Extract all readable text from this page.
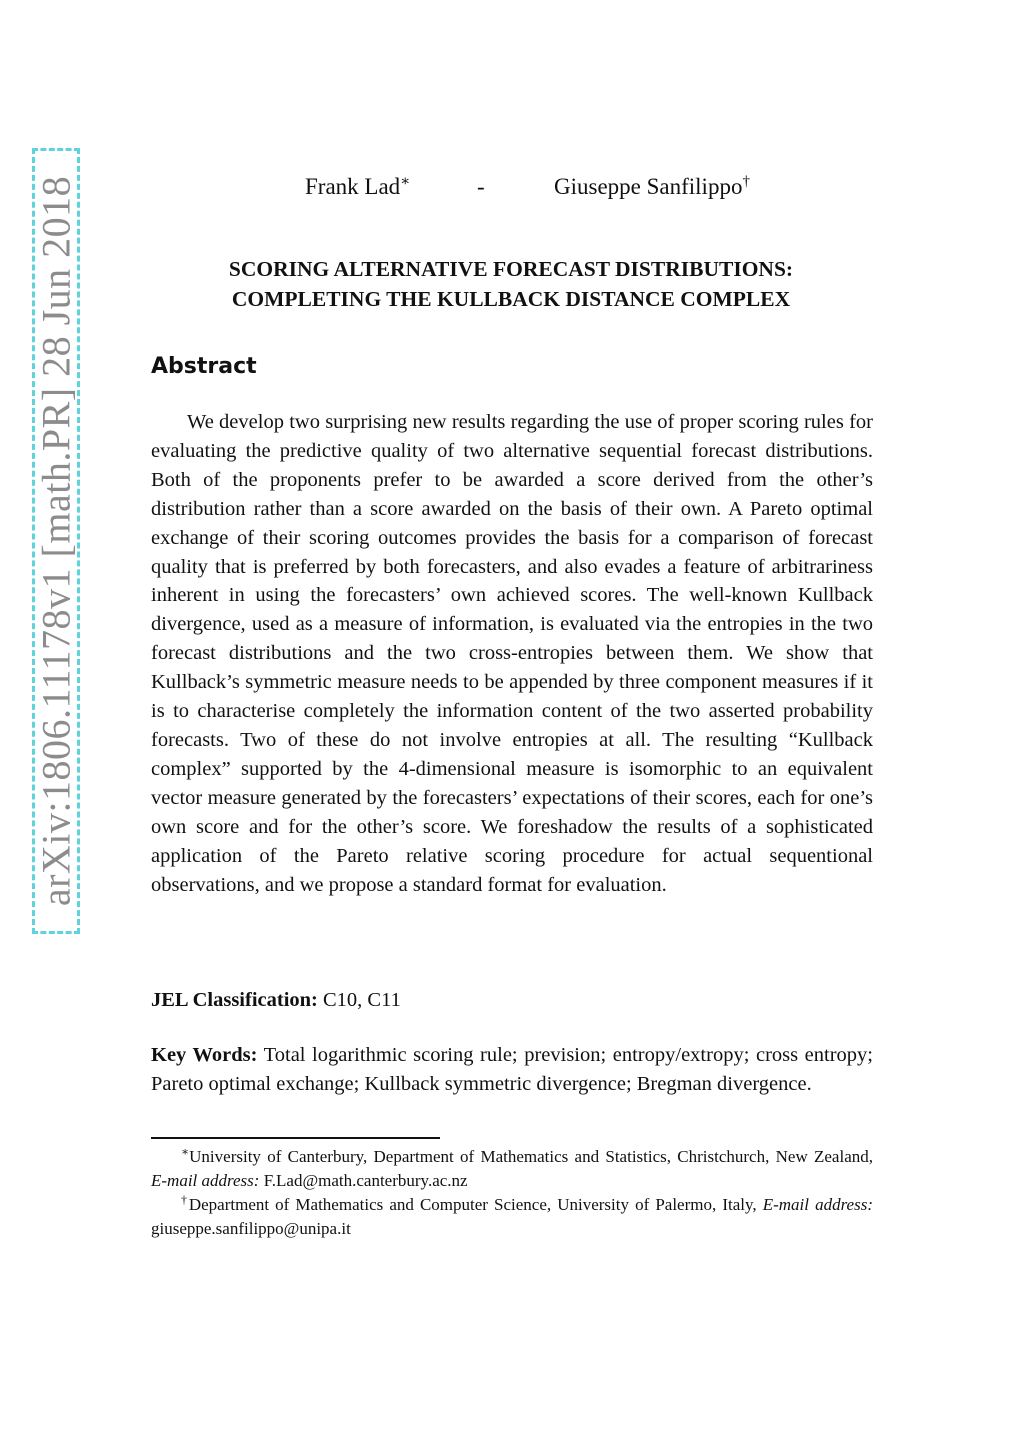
arXiv:1806.11178v1 [math.PR] 28 Jun 2018	Frank Lad∗	-	Giuseppe Sanfilippo†
SCORING ALTERNATIVE FORECAST DISTRIBUTIONS:
COMPLETING THE KULLBACK DISTANCE COMPLEX
Abstract

We develop two surprising new results regarding the use of proper scoring rules for evaluating the predictive quality of two alternative sequential forecast distributions. Both of the proponents prefer to be awarded a score derived from the other’s distribution rather than a score awarded on the basis of their own. A Pareto optimal exchange of their scoring outcomes provides the basis for a comparison of forecast quality that is preferred by both forecasters, and also evades a feature of arbitrariness inherent in using the forecasters’ own achieved scores. The well-known Kullback divergence, used as a measure of information, is evaluated via the entropies in the two forecast distributions and the two cross-entropies between them. We show that Kullback’s symmetric measure needs to be appended by three component measures if it is to characterise completely the information content of the two asserted probability forecasts. Two of these do not involve entropies at all. The resulting “Kullback complex” supported by the 4-dimensional measure is isomorphic to an equivalent vector measure generated by the forecasters’ expectations of their scores, each for one’s own score and for the other’s score. We foreshadow the results of a sophisticated application of the Pareto relative scoring procedure for actual sequentional observations, and we propose a standard format for evaluation.

JEL Classification: C10, C11

Key Words: Total logarithmic scoring rule; prevision; entropy/extropy; cross entropy; Pareto optimal exchange; Kullback symmetric divergence; Bregman divergence.

∗University of Canterbury, Department of Mathematics and Statistics, Christchurch, New Zealand, E-mail address: F.Lad@math.canterbury.ac.nz

†Department of Mathematics and Computer Science, University of Palermo, Italy, E-mail address: giuseppe.sanfilippo@unipa.it
